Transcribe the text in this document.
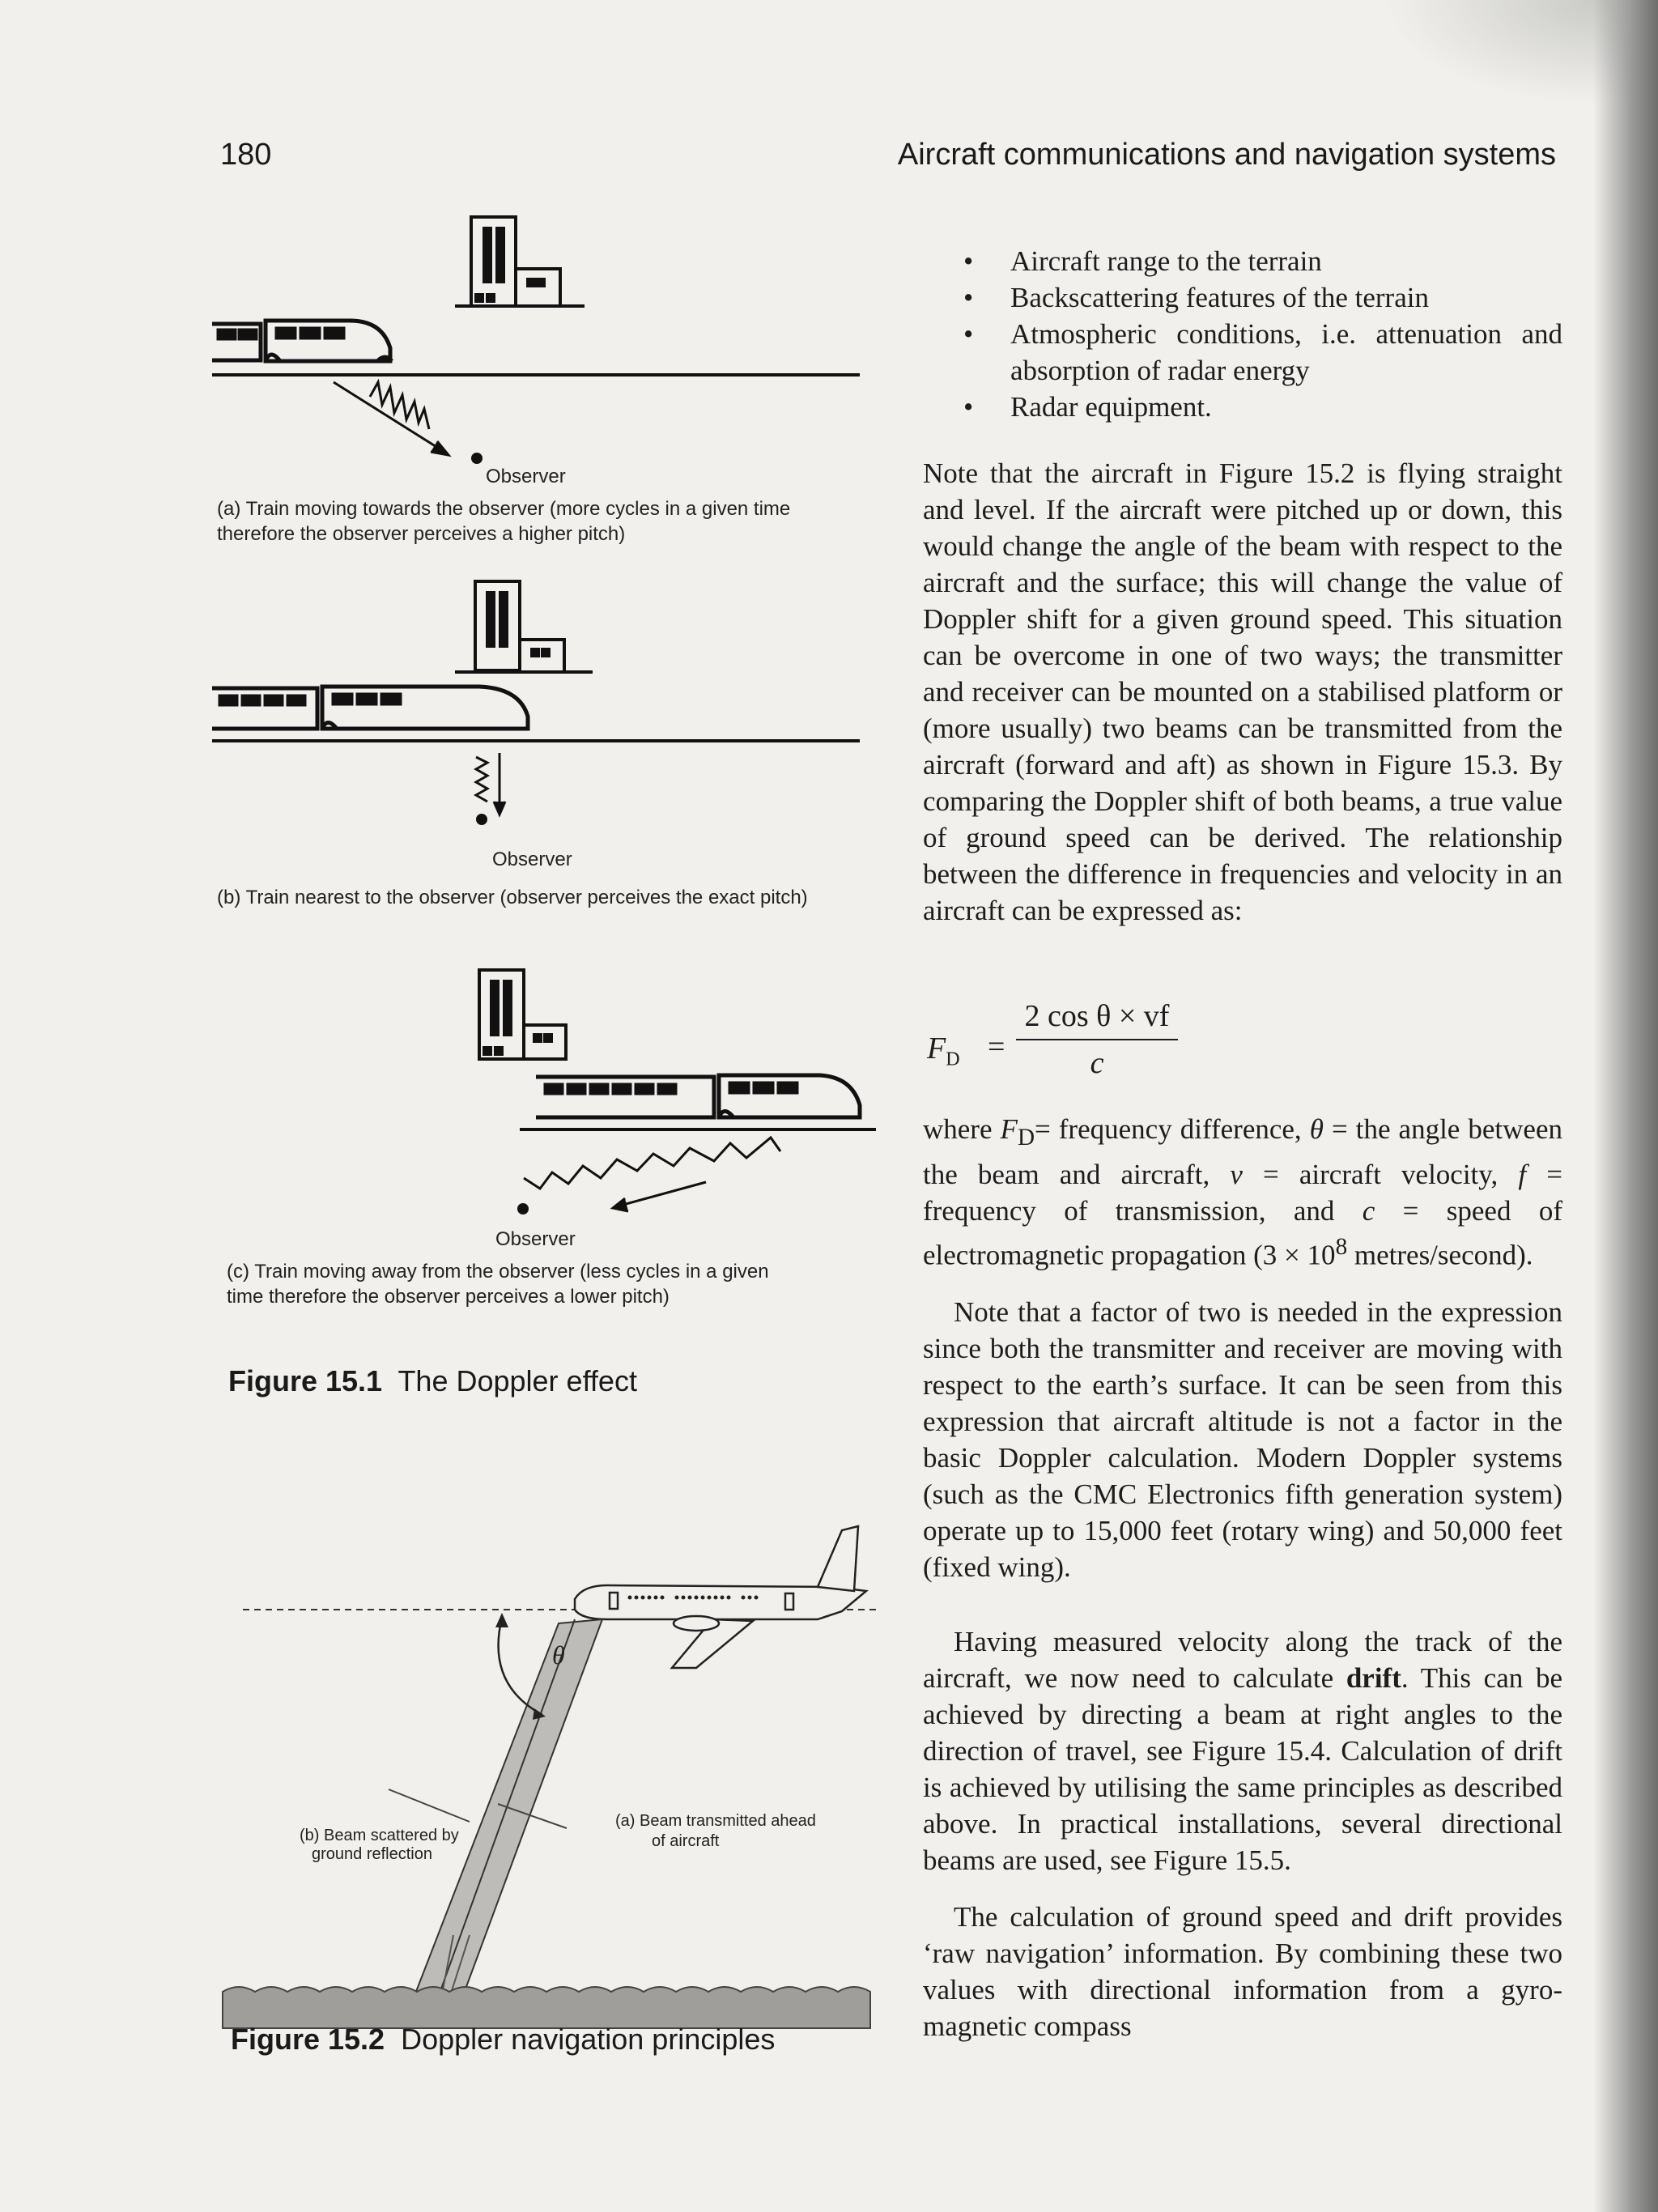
180	Aircraft communications and navigation systems
Observer
(a) Train moving towards the observer (more cycles in a given time
therefore the observer perceives a higher pitch)
Observer
(b) Train nearest to the observer (observer perceives the exact pitch)
Observer
(c) Train moving away from the observer (less cycles in a given
time therefore the observer perceives a lower pitch)
Figure 15.1 The Doppler effect
θ
(a) Beam transmitted ahead
of aircraft
(b) Beam scattered by
ground reflection
Figure 15.2 Doppler navigation principles
• Aircraft range to the terrain
• Backscattering features of the terrain
• Atmospheric conditions, i.e. attenuation and absorption of radar energy
• Radar equipment.

Note that the aircraft in Figure 15.2 is flying straight and level. If the aircraft were pitched up or down, this would change the angle of the beam with respect to the aircraft and the surface; this will change the value of Doppler shift for a given ground speed. This situation can be overcome in one of two ways; the transmitter and receiver can be mounted on a stabilised platform or (more usually) two beams can be transmitted from the aircraft (forward and aft) as shown in Figure 15.3. By comparing the Doppler shift of both beams, a true value of ground speed can be derived. The relationship between the difference in frequencies and velocity in an aircraft can be expressed as:

$F_D$ =
2 cos θ × vf
c

where $F_D=$ frequency difference, θ = the angle between the beam and aircraft, v = aircraft velocity, f = frequency of transmission, and c = speed of electromagnetic propagation ($3 \times 10^8$ metres/second).

Note that a factor of two is needed in the expression since both the transmitter and receiver are moving with respect to the earth’s surface. It can be seen from this expression that aircraft altitude is not a factor in the basic Doppler calculation. Modern Doppler systems (such as the CMC Electronics fifth generation system) operate up to 15,000 feet (rotary wing) and 50,000 feet (fixed wing).

Having measured velocity along the track of the aircraft, we now need to calculate drift. This can be achieved by directing a beam at right angles to the direction of travel, see Figure 15.4. Calculation of drift is achieved by utilising the same principles as described above. In practical installations, several directional beams are used, see Figure 15.5.

The calculation of ground speed and drift provides ‘raw navigation’ information. By combining these two values with directional information from a gyro-magnetic compass
